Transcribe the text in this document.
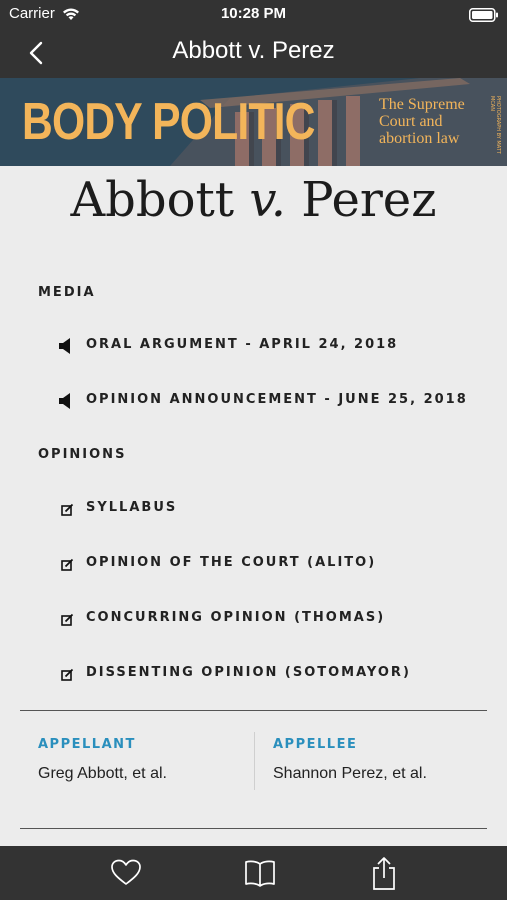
Carrier	10:28 PM
Abbott v. Perez
BODY POLITIC	The Supreme
Court and
abortion law	PHOTOGRAPH BY MATT MCAN
Abbott v. Perez
MEDIA
ORAL ARGUMENT - APRIL 24, 2018
OPINION ANNOUNCEMENT - JUNE 25, 2018
OPINIONS
SYLLABUS
OPINION OF THE COURT (ALITO)
CONCURRING OPINION (THOMAS)
DISSENTING OPINION (SOTOMAYOR)
APPELLANT
Greg Abbott, et al.
APPELLEE
Shannon Perez, et al.
